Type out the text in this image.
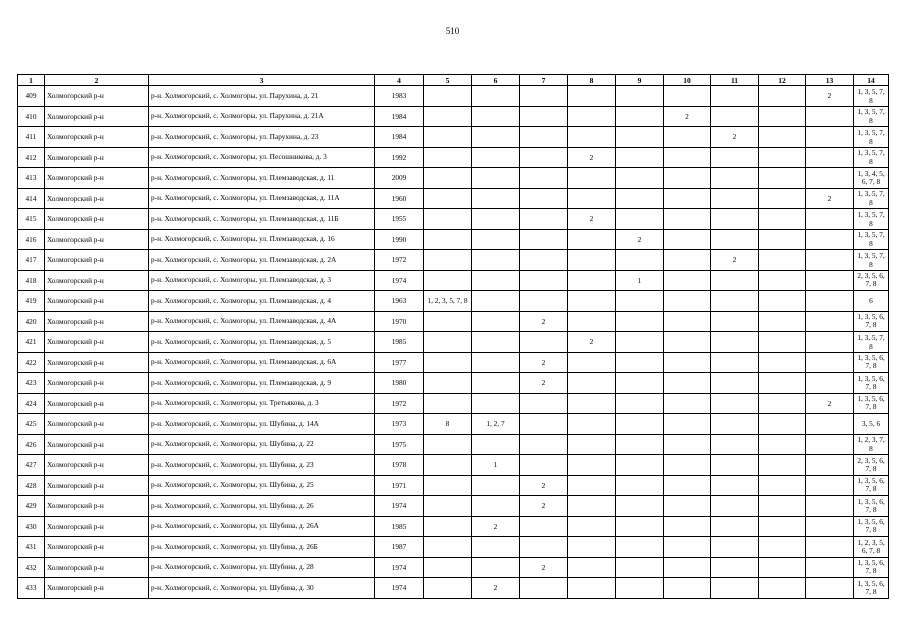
510
1	2	3	4	5	6	7	8	9	10	11	12	13	14
409	Холмогорский р-н	р-н. Холмогорский, с. Холмогоры, ул. Парухина, д. 21	1983									2	1, 3, 5, 7, 8
410	Холмогорский р-н	р-н. Холмогорский, с. Холмогоры, ул. Парухина, д. 21А	1984						2				1, 3, 5, 7, 8
411	Холмогорский р-н	р-н. Холмогорский, с. Холмогоры, ул. Парухина, д. 23	1984							2			1, 3, 5, 7, 8
412	Холмогорский р-н	р-н. Холмогорский, с. Холмогоры, ул. Песошникова, д. 3	1992				2						1, 3, 5, 7, 8
413	Холмогорский р-н	р-н. Холмогорский, с. Холмогоры, ул. Племзаводская, д. 11	2009										1, 3, 4, 5, 6, 7, 8
414	Холмогорский р-н	р-н. Холмогорский, с. Холмогоры, ул. Племзаводская, д. 11А	1960									2	1, 3, 5, 7, 8
415	Холмогорский р-н	р-н. Холмогорский, с. Холмогоры, ул. Племзаводская, д. 11Б	1955				2						1, 3, 5, 7, 8
416	Холмогорский р-н	р-н. Холмогорский, с. Холмогоры, ул. Племзаводская, д. 16	1990					2					1, 3, 5, 7, 8
417	Холмогорский р-н	р-н. Холмогорский, с. Холмогоры, ул. Племзаводская, д. 2А	1972							2			1, 3, 5, 7, 8
418	Холмогорский р-н	р-н. Холмогорский, с. Холмогоры, ул. Племзаводская, д. 3	1974					1					2, 3, 5, 6, 7, 8
419	Холмогорский р-н	р-н. Холмогорский, с. Холмогоры, ул. Племзаводская, д. 4	1963	1, 2, 3, 5, 7, 8									6
420	Холмогорский р-н	р-н. Холмогорский, с. Холмогоры, ул. Племзаводская, д. 4А	1970			2							1, 3, 5, 6, 7, 8
421	Холмогорский р-н	р-н. Холмогорский, с. Холмогоры, ул. Племзаводская, д. 5	1985				2						1, 3, 5, 7, 8
422	Холмогорский р-н	р-н. Холмогорский, с. Холмогоры, ул. Племзаводская, д. 6А	1977			2							1, 3, 5, 6, 7, 8
423	Холмогорский р-н	р-н. Холмогорский, с. Холмогоры, ул. Племзаводская, д. 9	1980			2							1, 3, 5, 6, 7, 8
424	Холмогорский р-н	р-н. Холмогорский, с. Холмогоры, ул. Третьякова, д. 3	1972									2	1, 3, 5, 6, 7, 8
425	Холмогорский р-н	р-н. Холмогорский, с. Холмогоры, ул. Шубина, д. 14А	1973	8	1, 2, 7								3, 5, 6
426	Холмогорский р-н	р-н. Холмогорский, с. Холмогоры, ул. Шубина, д. 22	1975										1, 2, 3, 7, 8
427	Холмогорский р-н	р-н. Холмогорский, с. Холмогоры, ул. Шубина, д. 23	1978		1								2, 3, 5, 6, 7, 8
428	Холмогорский р-н	р-н. Холмогорский, с. Холмогоры, ул. Шубина, д. 25	1971			2							1, 3, 5, 6, 7, 8
429	Холмогорский р-н	р-н. Холмогорский, с. Холмогоры, ул. Шубина, д. 26	1974			2							1, 3, 5, 6, 7, 8
430	Холмогорский р-н	р-н. Холмогорский, с. Холмогоры, ул. Шубина, д. 26А	1985		2								1, 3, 5, 6, 7, 8
431	Холмогорский р-н	р-н. Холмогорский, с. Холмогоры, ул. Шубина, д. 26Б	1987										1, 2, 3, 5, 6, 7, 8
432	Холмогорский р-н	р-н. Холмогорский, с. Холмогоры, ул. Шубина, д. 28	1974			2							1, 3, 5, 6, 7, 8
433	Холмогорский р-н	р-н. Холмогорский, с. Холмогоры, ул. Шубина, д. 30	1974		2								1, 3, 5, 6, 7, 8
